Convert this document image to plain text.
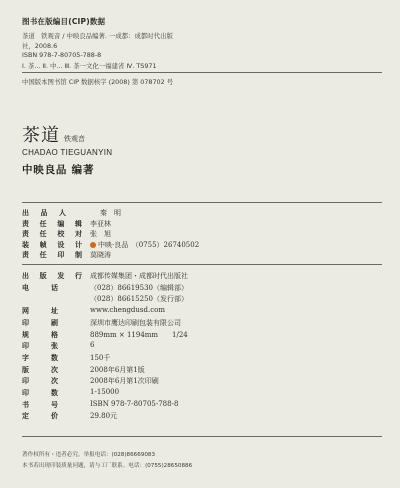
图书在版编目(CIP)数据
茶道　铁观音 / 中映良品编著. 一成都：成都时代出版
社，2008.6
ISBN 978-7-80705-788-8
Ⅰ. 茶… Ⅱ. 中… Ⅲ. 茶一文化一福建省 Ⅳ. TS971
中国版本图书馆 CIP 数据核字 (2008) 第 078702 号
茶道 铁观音
CHADAO TIEGUANYIN
中映良品 编著
出 品 人	秦　明
责 任 编 辑 李亚林
责 任 校 对 张　旭
装 帧 设 计	中映·良品　（0755）26740502
责 任 印 制 莫晓涛
出 版 发 行 成都传媒集团・成都时代出版社
电	话	（028）86619530（编辑部）
（028）86615250（发行部）
网	址	www.chengdusd.com
印	刷	深圳市鹰达印刷包装有限公司
规	格	889mm × 1194mm　　1/24
印	张	6
字	数	150千
版	次	2008年6月第1版
印	次	2008年6月第1次印刷
印	数	1-15000
书	号	ISBN 978-7-80705-788-8
定	价	29.80元
著作权所有・违者必究。举报电话：(028)86669083
本书若出现印装质量问题，请与工厂联系。电话：(0755)28650886
